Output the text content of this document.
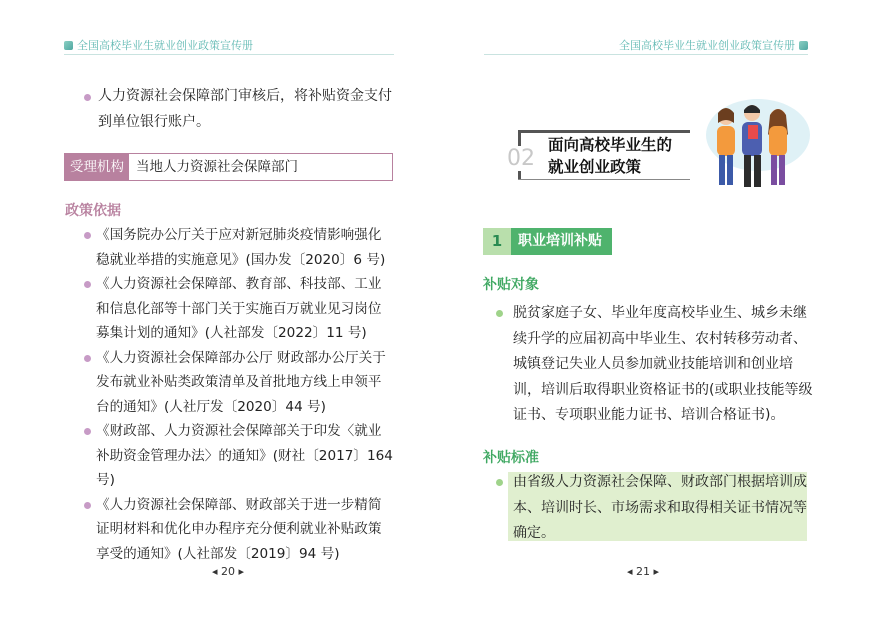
全国高校毕业生就业创业政策宣传册	全国高校毕业生就业创业政策宣传册

人力资源社会保障部门审核后，将补贴资金支付到单位银行账户。

受理机构 当地人力资源社会保障部门
政策依据
《国务院办公厅关于应对新冠肺炎疫情影响强化稳就业举措的实施意见》(国办发〔2020〕6 号)
《人力资源社会保障部、教育部、科技部、工业和信息化部等十部门关于实施百万就业见习岗位募集计划的通知》(人社部发〔2022〕11 号)
《人力资源社会保障部办公厅 财政部办公厅关于发布就业补贴类政策清单及首批地方线上申领平台的通知》(人社厅发〔2020〕44 号)
《财政部、人力资源社会保障部关于印发〈就业补助资金管理办法〉的通知》(财社〔2017〕164号)
《人力资源社会保障部、财政部关于进一步精简证明材料和优化申办程序充分便利就业补贴政策享受的通知》(人社部发〔2019〕94 号)
◂ 20 ▸
02
面向高校毕业生的
就业创业政策
1	职业培训补贴
补贴对象

脱贫家庭子女、毕业年度高校毕业生、城乡未继续升学的应届初高中毕业生、农村转移劳动者、城镇登记失业人员参加就业技能培训和创业培训，培训后取得职业资格证书的(或职业技能等级证书、专项职业能力证书、培训合格证书)。

补贴标准

由省级人力资源社会保障、财政部门根据培训成本、培训时长、市场需求和取得相关证书情况等确定。

◂ 21 ▸
